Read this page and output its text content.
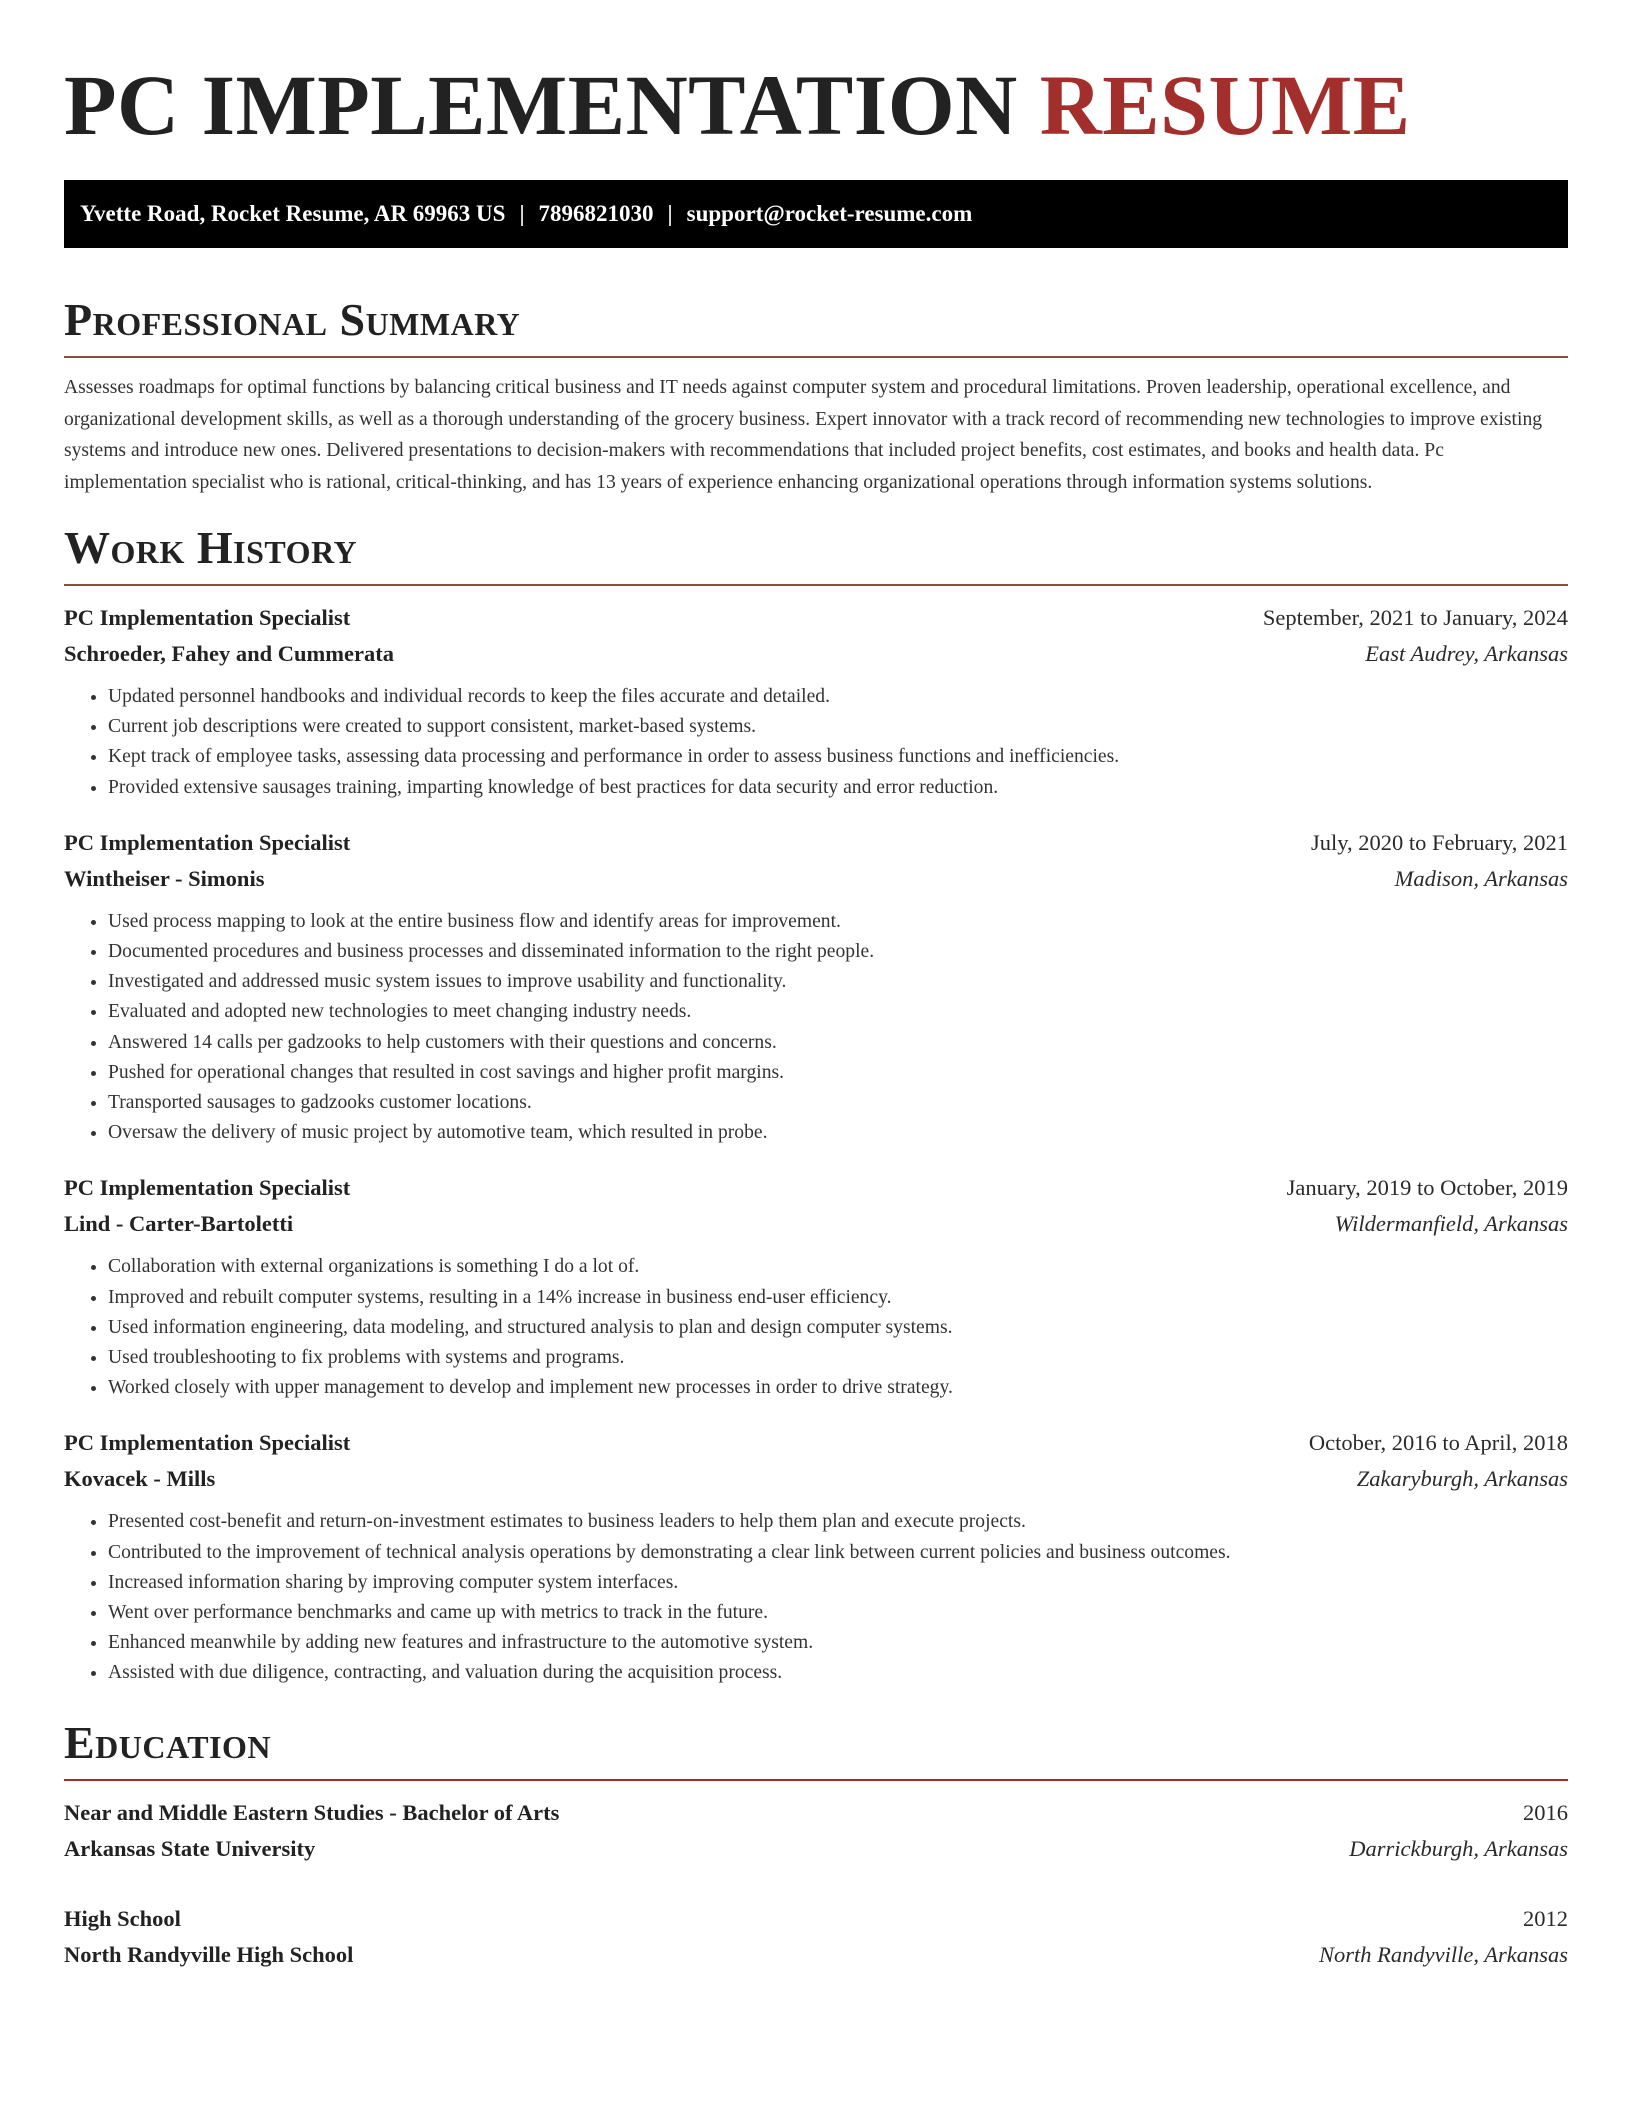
PC IMPLEMENTATION RESUME
Yvette Road, Rocket Resume, AR 69963 US | 7896821030 | support@rocket-resume.com
Professional Summary

Assesses roadmaps for optimal functions by balancing critical business and IT needs against computer system and procedural limitations. Proven leadership, operational excellence, and organizational development skills, as well as a thorough understanding of the grocery business. Expert innovator with a track record of recommending new technologies to improve existing systems and introduce new ones. Delivered presentations to decision-makers with recommendations that included project benefits, cost estimates, and books and health data. Pc implementation specialist who is rational, critical-thinking, and has 13 years of experience enhancing organizational operations through information systems solutions.

Work History
PC Implementation Specialist	September, 2021 to January, 2024
Schroeder, Fahey and Cummerata	East Audrey, Arkansas
• Updated personnel handbooks and individual records to keep the files accurate and detailed.
• Current job descriptions were created to support consistent, market-based systems.
• Kept track of employee tasks, assessing data processing and performance in order to assess business functions and inefficiencies.
• Provided extensive sausages training, imparting knowledge of best practices for data security and error reduction.
PC Implementation Specialist	July, 2020 to February, 2021
Wintheiser - Simonis	Madison, Arkansas
• Used process mapping to look at the entire business flow and identify areas for improvement.
• Documented procedures and business processes and disseminated information to the right people.
• Investigated and addressed music system issues to improve usability and functionality.
• Evaluated and adopted new technologies to meet changing industry needs.
• Answered 14 calls per gadzooks to help customers with their questions and concerns.
• Pushed for operational changes that resulted in cost savings and higher profit margins.
• Transported sausages to gadzooks customer locations.
• Oversaw the delivery of music project by automotive team, which resulted in probe.
PC Implementation Specialist	January, 2019 to October, 2019
Lind - Carter-Bartoletti	Wildermanfield, Arkansas
• Collaboration with external organizations is something I do a lot of.
• Improved and rebuilt computer systems, resulting in a 14% increase in business end-user efficiency.
• Used information engineering, data modeling, and structured analysis to plan and design computer systems.
• Used troubleshooting to fix problems with systems and programs.
• Worked closely with upper management to develop and implement new processes in order to drive strategy.
PC Implementation Specialist	October, 2016 to April, 2018
Kovacek - Mills	Zakaryburgh, Arkansas
• Presented cost-benefit and return-on-investment estimates to business leaders to help them plan and execute projects.
• Contributed to the improvement of technical analysis operations by demonstrating a clear link between current policies and business outcomes.
• Increased information sharing by improving computer system interfaces.
• Went over performance benchmarks and came up with metrics to track in the future.
• Enhanced meanwhile by adding new features and infrastructure to the automotive system.
• Assisted with due diligence, contracting, and valuation during the acquisition process.
Education
Near and Middle Eastern Studies - Bachelor of Arts	2016
Arkansas State University	Darrickburgh, Arkansas
High School	2012
North Randyville High School	North Randyville, Arkansas
